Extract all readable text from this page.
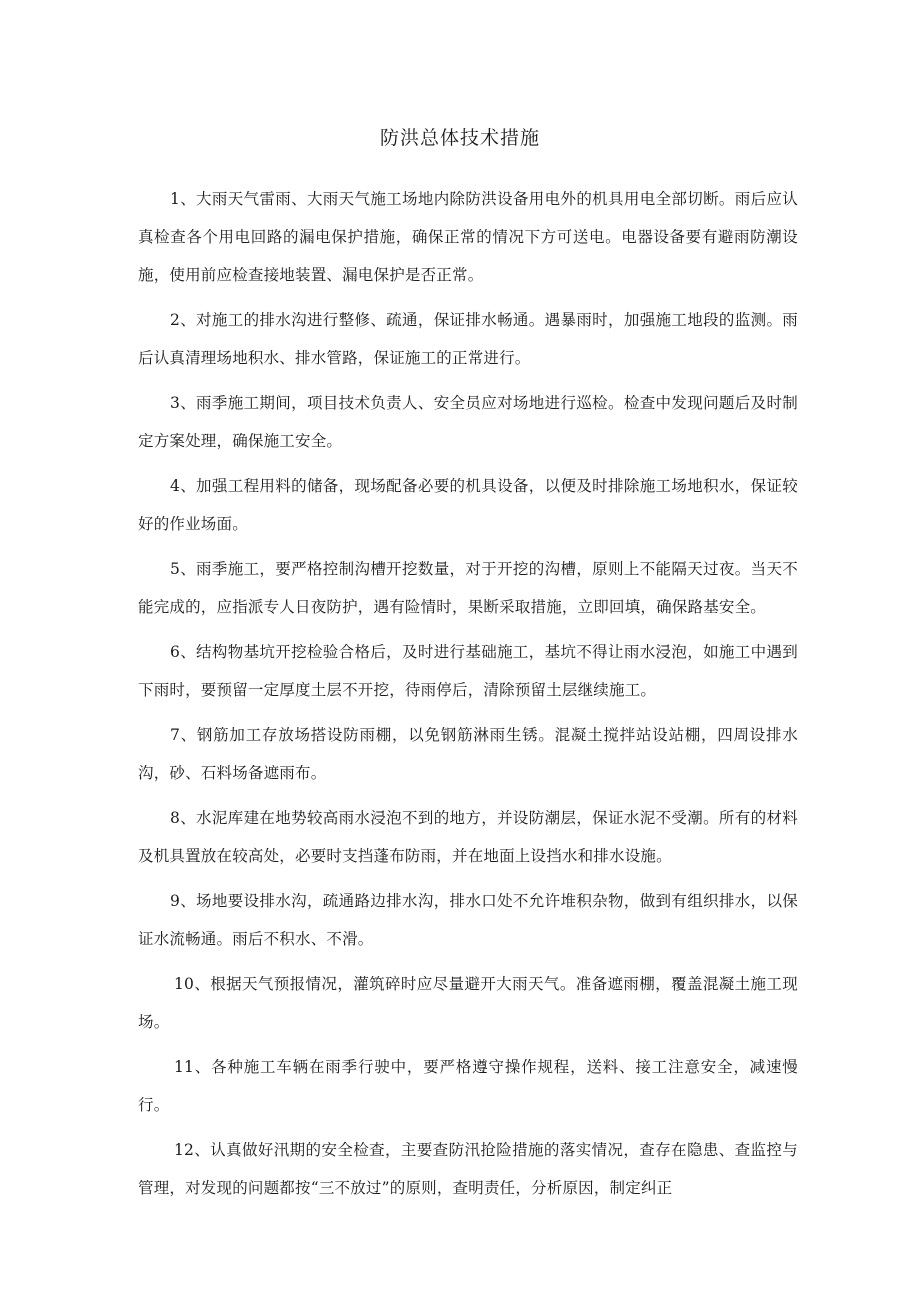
防洪总体技术措施

1、大雨天气雷雨、大雨天气施工场地内除防洪设备用电外的机具用电全部切断。雨后应认真检查各个用电回路的漏电保护措施，确保正常的情况下方可送电。电器设备要有避雨防潮设施，使用前应检查接地装置、漏电保护是否正常。

2、对施工的排水沟进行整修、疏通，保证排水畅通。遇暴雨时，加强施工地段的监测。雨后认真清理场地积水、排水管路，保证施工的正常进行。

3、雨季施工期间，项目技术负责人、安全员应对场地进行巡检。检查中发现问题后及时制定方案处理，确保施工安全。

4、加强工程用料的储备，现场配备必要的机具设备，以便及时排除施工场地积水，保证较好的作业场面。

5、雨季施工，要严格控制沟槽开挖数量，对于开挖的沟槽，原则上不能隔天过夜。当天不能完成的，应指派专人日夜防护，遇有险情时，果断采取措施，立即回填，确保路基安全。

6、结构物基坑开挖检验合格后，及时进行基础施工，基坑不得让雨水浸泡，如施工中遇到下雨时，要预留一定厚度土层不开挖，待雨停后，清除预留土层继续施工。

7、钢筋加工存放场搭设防雨棚，以免钢筋淋雨生锈。混凝土搅拌站设站棚，四周设排水沟，砂、石料场备遮雨布。

8、水泥库建在地势较高雨水浸泡不到的地方，并设防潮层，保证水泥不受潮。所有的材料及机具置放在较高处，必要时支挡蓬布防雨，并在地面上设挡水和排水设施。

9、场地要设排水沟，疏通路边排水沟，排水口处不允许堆积杂物，做到有组织排水，以保证水流畅通。雨后不积水、不滑。

10、根据天气预报情况，灌筑碎时应尽量避开大雨天气。准备遮雨棚，覆盖混凝土施工现场。

11、各种施工车辆在雨季行驶中，要严格遵守操作规程，送料、接工注意安全，减速慢行。

12、认真做好汛期的安全检查，主要查防汛抢险措施的落实情况，查存在隐患、查监控与管理，对发现的问题都按“三不放过”的原则，查明责任，分析原因，制定纠正
